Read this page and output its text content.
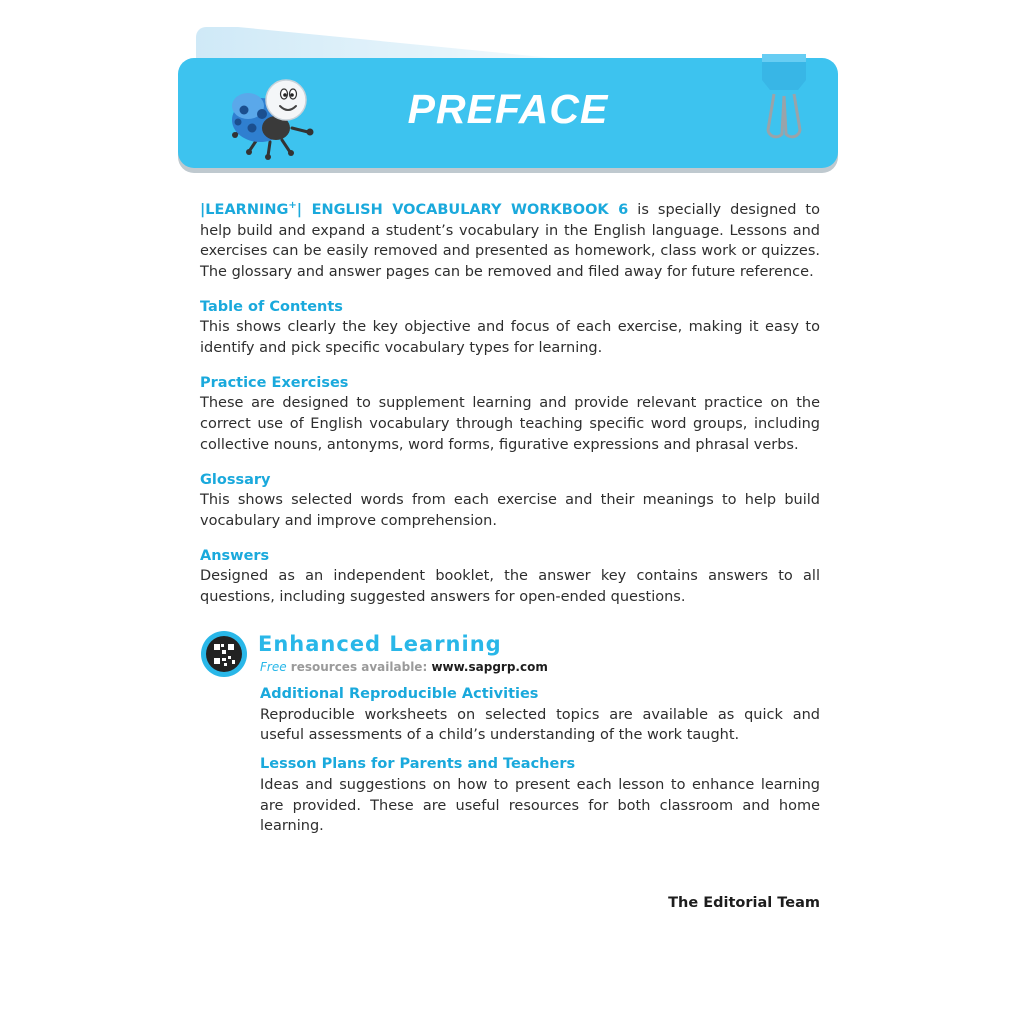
PREFACE

|LEARNING+| ENGLISH VOCABULARY WORKBOOK 6 is specially designed to help build and expand a student’s vocabulary in the English language. Lessons and exercises can be easily removed and presented as homework, class work or quizzes. The glossary and answer pages can be removed and filed away for future reference.

Table of Contents

This shows clearly the key objective and focus of each exercise, making it easy to identify and pick specific vocabulary types for learning.

Practice Exercises

These are designed to supplement learning and provide relevant practice on the correct use of English vocabulary through teaching specific word groups, including collective nouns, antonyms, word forms, figurative expressions and phrasal verbs.

Glossary

This shows selected words from each exercise and their meanings to help build vocabulary and improve comprehension.

Answers

Designed as an independent booklet, the answer key contains answers to all questions, including suggested answers for open-ended questions.

Enhanced Learning
Free resources available: www.sapgrp.com
Additional Reproducible Activities

Reproducible worksheets on selected topics are available as quick and useful assessments of a child’s understanding of the work taught.

Lesson Plans for Parents and Teachers

Ideas and suggestions on how to present each lesson to enhance learning are provided. These are useful resources for both classroom and home learning.

The Editorial Team
